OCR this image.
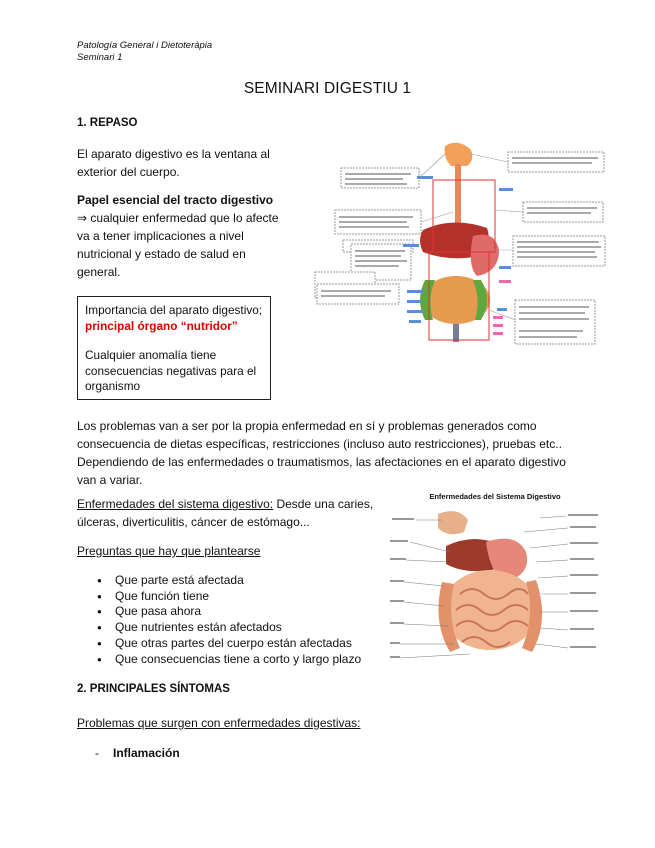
Patología General i Dietoteràpia
Seminari 1
SEMINARI DIGESTIU 1
1. REPASO
El aparato digestivo es la ventana al
exterior del cuerpo.
Papel esencial del tracto digestivo
⇒ cualquier enfermedad que lo afecte
va a tener implicaciones a nivel
nutricional y estado de salud en
general.
Importancia del aparato digestivo;
principal órgano “nutridor”
Cualquier anomalía tiene
consecuencias negativas para el
organismo
Los problemas van a ser por la propia enfermedad en sí y problemas generados como
consecuencia de dietas específicas, restricciones (incluso auto restricciones), pruebas etc..
Dependiendo de las enfermedades o traumatismos, las afectaciones en el aparato digestivo
van a variar.
Enfermedades del sistema digestivo: Desde una caries,
úlceras, diverticulitis, cáncer de estómago...
Preguntas que hay que plantearse
● Que parte está afectada
● Que función tiene
● Que pasa ahora
● Que nutrientes están afectados
● Que otras partes del cuerpo están afectadas
● Que consecuencias tiene a corto y largo plazo
Enfermedades del Sistema Digestivo
2. PRINCIPALES SÍNTOMAS
Problemas que surgen con enfermedades digestivas:
- Inflamación
